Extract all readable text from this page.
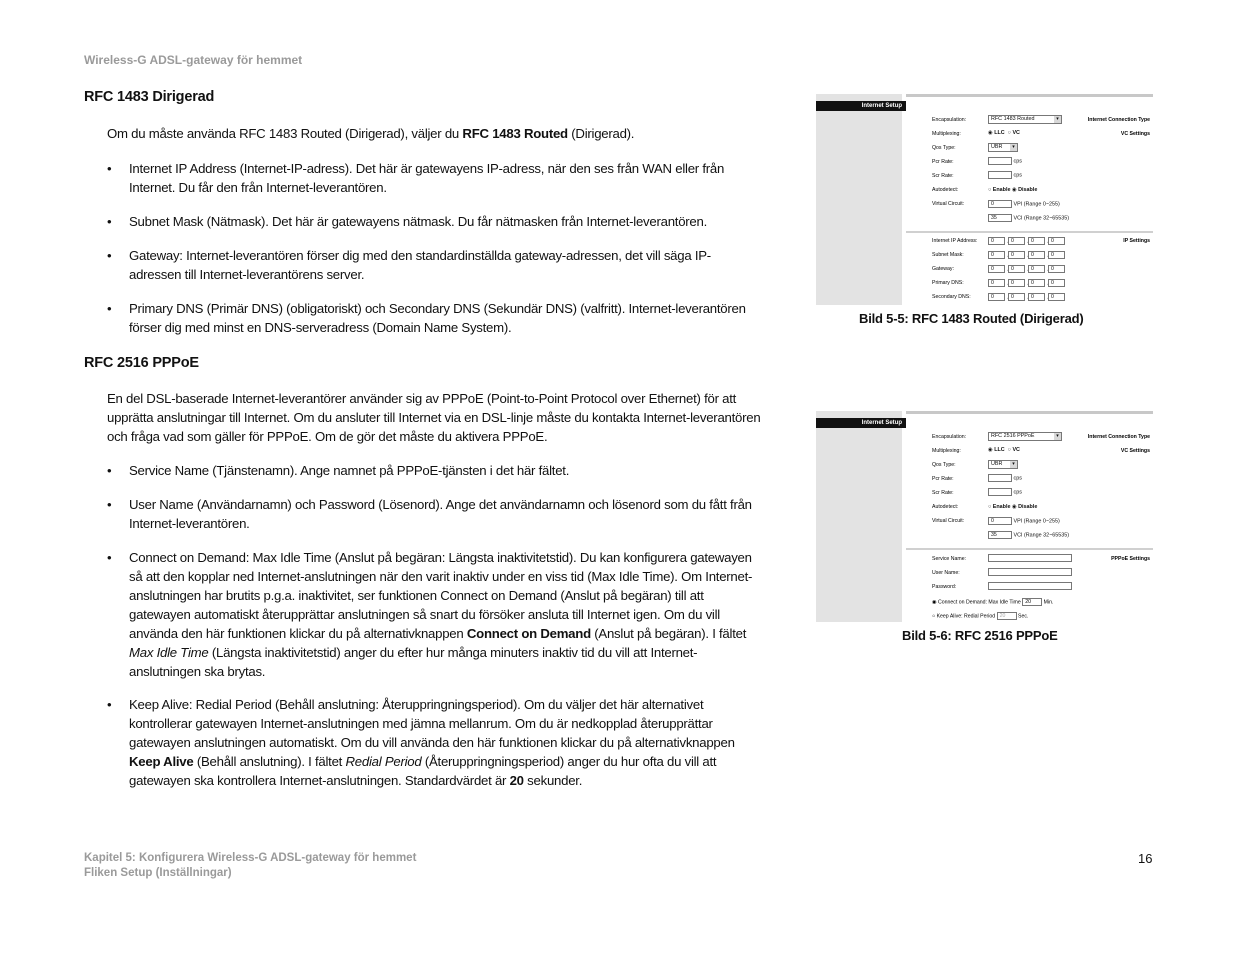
Wireless-G ADSL-gateway för hemmet
RFC 1483 Dirigerad
Om du måste använda RFC 1483 Routed (Dirigerad), väljer du RFC 1483 Routed (Dirigerad).
• Internet IP Address (Internet-IP-adress). Det här är gatewayens IP-adress, när den ses från WAN eller från Internet. Du får den från Internet-leverantören.
• Subnet Mask (Nätmask). Det här är gatewayens nätmask. Du får nätmasken från Internet-leverantören.
• Gateway: Internet-leverantören förser dig med den standardinställda gateway-adressen, det vill säga IP-adressen till Internet-leverantörens server.
• Primary DNS (Primär DNS) (obligatoriskt) och Secondary DNS (Sekundär DNS) (valfritt). Internet-leverantören förser dig med minst en DNS-serveradress (Domain Name System).
RFC 2516 PPPoE
En del DSL-baserade Internet-leverantörer använder sig av PPPoE (Point-to-Point Protocol over Ethernet) för att upprätta anslutningar till Internet. Om du ansluter till Internet via en DSL-linje måste du kontakta Internet-leverantören och fråga vad som gäller för PPPoE. Om de gör det måste du aktivera PPPoE.
• Service Name (Tjänstenamn). Ange namnet på PPPoE-tjänsten i det här fältet.
• User Name (Användarnamn) och Password (Lösenord). Ange det användarnamn och lösenord som du fått från Internet-leverantören.
• Connect on Demand: Max Idle Time (Anslut på begäran: Längsta inaktivitetstid). Du kan konfigurera gatewayen så att den kopplar ned Internet-anslutningen när den varit inaktiv under en viss tid (Max Idle Time). Om Internet-anslutningen har brutits p.g.a. inaktivitet, ser funktionen Connect on Demand (Anslut på begäran) till att gatewayen automatiskt återupprättar anslutningen så snart du försöker ansluta till Internet igen. Om du vill använda den här funktionen klickar du på alternativknappen Connect on Demand (Anslut på begäran). I fältet Max Idle Time (Längsta inaktivitetstid) anger du efter hur många minuters inaktiv tid du vill att Internet-anslutningen ska brytas.
• Keep Alive: Redial Period (Behåll anslutning: Återuppringningsperiod). Om du väljer det här alternativet kontrollerar gatewayen Internet-anslutningen med jämna mellanrum. Om du är nedkopplad återupprättar gatewayen anslutningen automatiskt. Om du vill använda den här funktionen klickar du på alternativknappen Keep Alive (Behåll anslutning). I fältet Redial Period (Återuppringningsperiod) anger du hur ofta du vill att gatewayen ska kontrollera Internet-anslutningen. Standardvärdet är 20 sekunder.
Internet Setup
Internet Connection Type
VC Settings
IP Settings
Encapsulation:	RFC 1483 Routed	▾
Multiplexing:	◉ LLC  ○ VC
Qos Type:	UBR	▾
Pcr Rate:	cps
Scr Rate:	cps
Autodetect:	○ Enable ◉ Disable
Virtual Circuit:	0	VPI (Range 0~255)
35	VCI (Range 32~65535)
Internet IP Address:	0 . 0 . 0 . 0
Subnet Mask:	0 . 0 . 0 . 0
Gateway:	0 . 0 . 0 . 0
Primary DNS:	0 . 0 . 0 . 0
Secondary DNS:	0 . 0 . 0 . 0
Bild 5-5: RFC 1483 Routed (Dirigerad)
Internet Setup
Internet Connection Type
VC Settings
PPPoE Settings
Encapsulation:	RFC 2516 PPPoE	▾
Multiplexing:	◉ LLC  ○ VC
Qos Type:	UBR	▾
Pcr Rate:	cps
Scr Rate:	cps
Autodetect:	○ Enable ◉ Disable
Virtual Circuit:	0	VPI (Range 0~255)
35	VCI (Range 32~65535)
Service Name:
User Name:
Password:
◉ Connect on Demand: Max Idle Time 20 Min.
○ Keep Alive: Redial Period 20 Sec.
Bild 5-6: RFC 2516 PPPoE
Kapitel 5: Konfigurera Wireless-G ADSL-gateway för hemmet
Fliken Setup (Inställningar)
16
